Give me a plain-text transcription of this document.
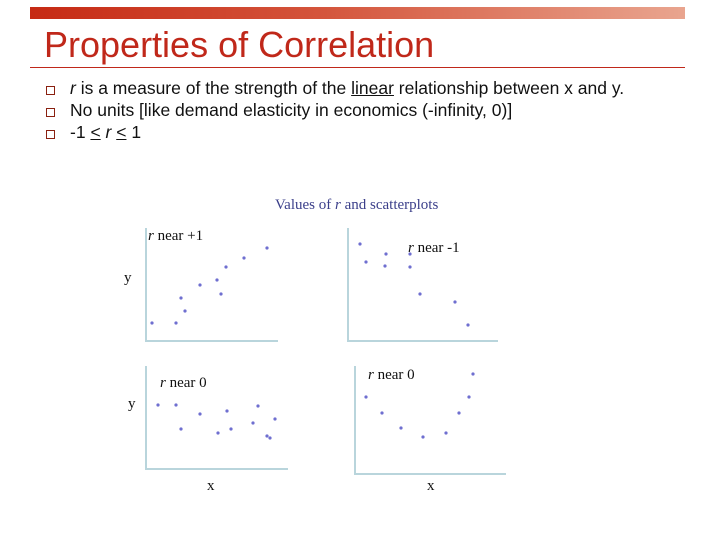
Properties of Correlation
r is a measure of the strength of the linear relationship between x and y.
No units [like demand elasticity in economics (-infinity, 0)]
-1 ≤ r ≤ 1
Values of r and scatterplots
r near +1
y
r near -1
r near 0
y
x
r near 0
x
